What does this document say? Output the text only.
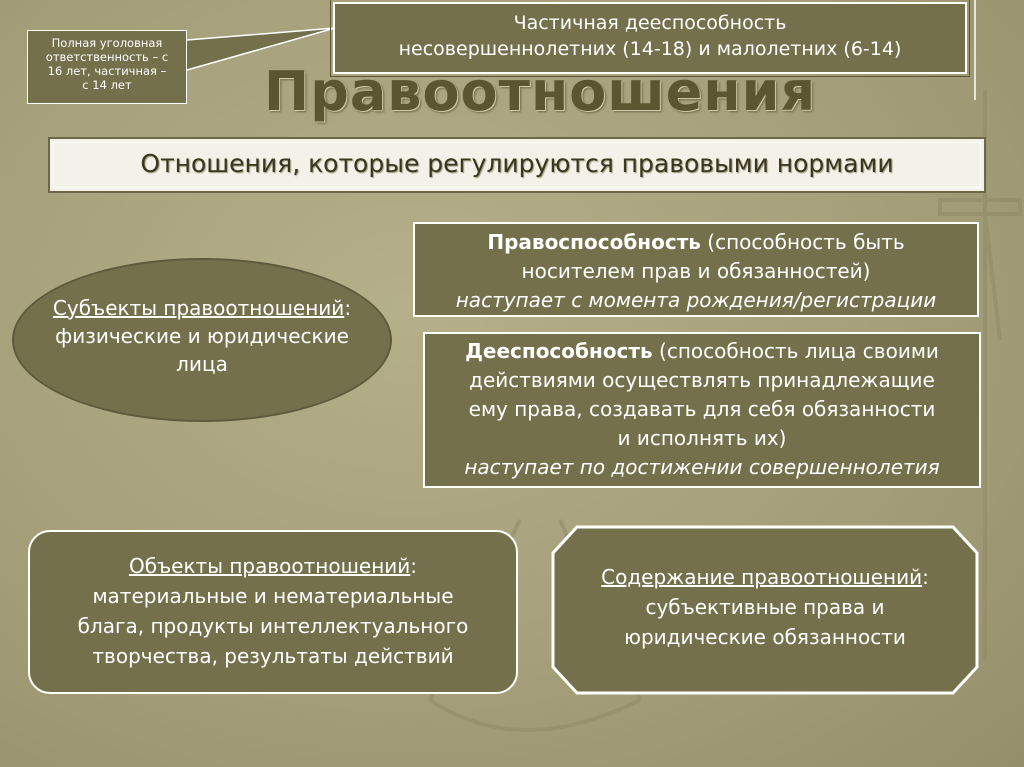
Полная уголовная
ответственность – с
16 лет, частичная –
с 14 лет
Частичная дееспособность
несовершеннолетних (14-18) и малолетних (6-14)
Правоотношения
Отношения, которые регулируются правовыми нормами
Субъекты правоотношений:
физические и юридические
лица
Правоспособность (способность быть
носителем прав и обязанностей)
наступает с момента рождения/регистрации
Дееспособность (способность лица своими
действиями осуществлять принадлежащие
ему права, создавать для себя обязанности
и исполнять их)
наступает по достижении совершеннолетия
Объекты правоотношений:
материальные и нематериальные
блага, продукты интеллектуального
творчества, результаты действий
Содержание правоотношений:
субъективные права и
юридические обязанности
